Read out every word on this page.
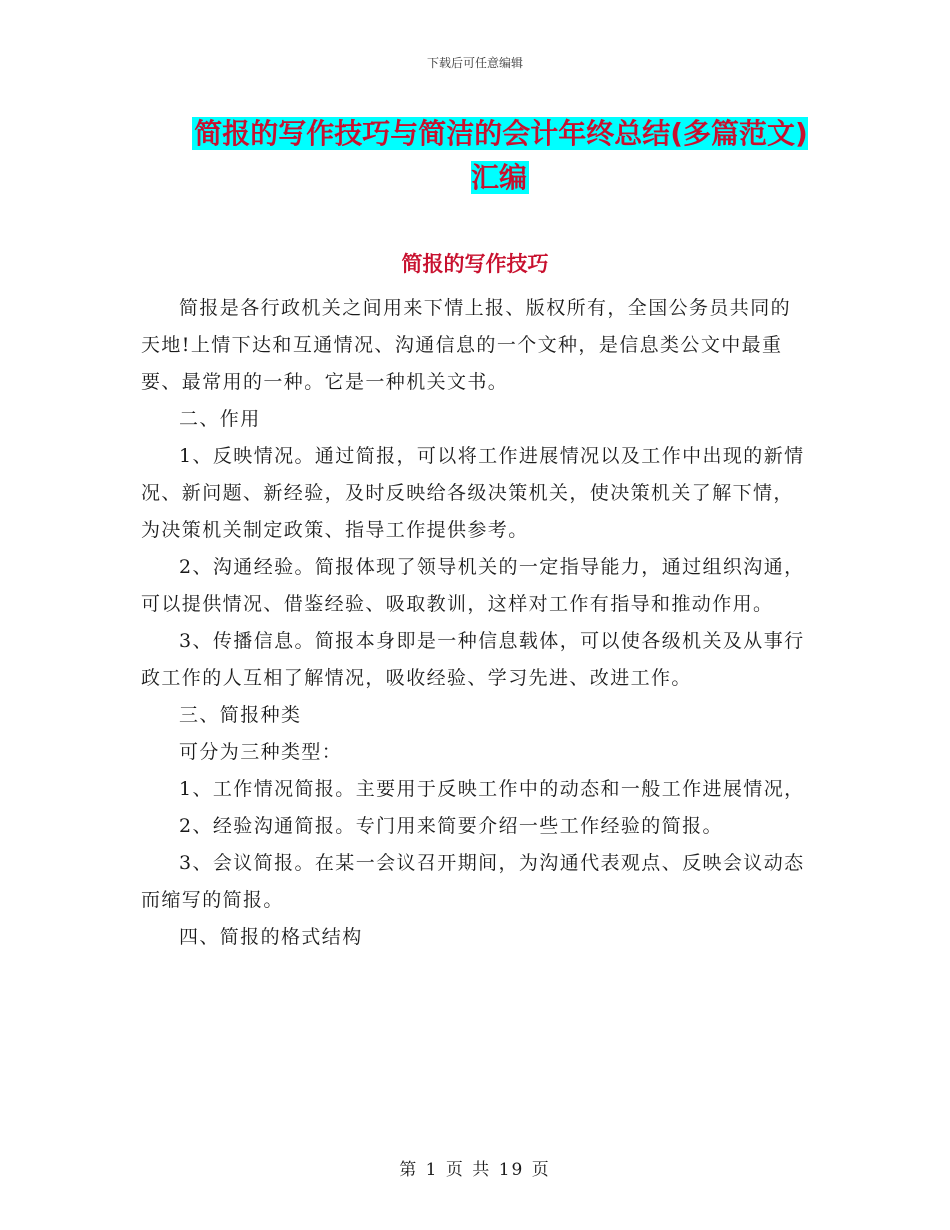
下载后可任意编辑
简报的写作技巧与简洁的会计年终总结(多篇范文)汇编
简报的写作技巧

简报是各行政机关之间用来下情上报、版权所有，全国公务员共同的天地!上情下达和互通情况、沟通信息的一个文种，是信息类公文中最重要、最常用的一种。它是一种机关文书。

二、作用

1、反映情况。通过简报，可以将工作进展情况以及工作中出现的新情况、新问题、新经验，及时反映给各级决策机关，使决策机关了解下情，为决策机关制定政策、指导工作提供参考。

2、沟通经验。简报体现了领导机关的一定指导能力，通过组织沟通，可以提供情况、借鉴经验、吸取教训，这样对工作有指导和推动作用。

3、传播信息。简报本身即是一种信息载体，可以使各级机关及从事行政工作的人互相了解情况，吸收经验、学习先进、改进工作。

三、简报种类

可分为三种类型：

1、工作情况简报。主要用于反映工作中的动态和一般工作进展情况，

2、经验沟通简报。专门用来简要介绍一些工作经验的简报。

3、会议简报。在某一会议召开期间，为沟通代表观点、反映会议动态而缩写的简报。

四、简报的格式结构

第 1 页 共 19 页
